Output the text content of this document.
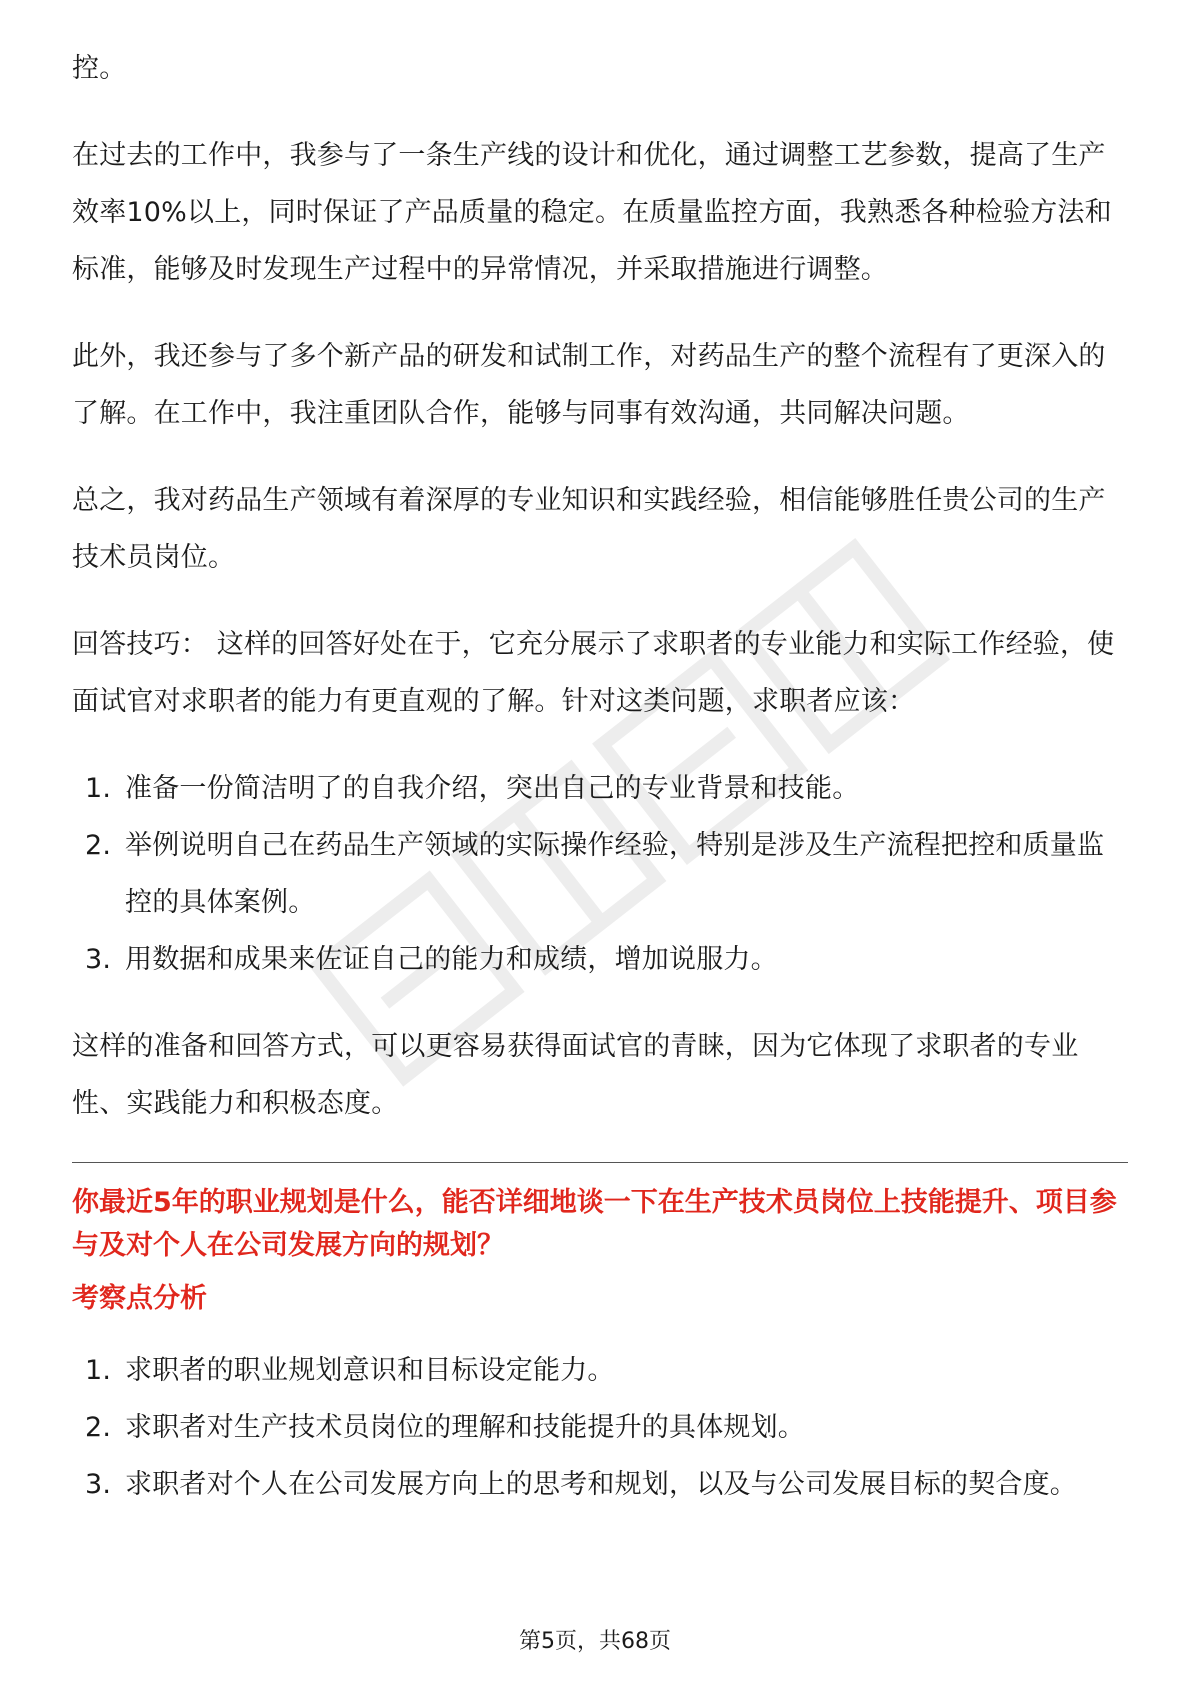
控。

在过去的工作中，我参与了一条生产线的设计和优化，通过调整工艺参数，提高了生产效率10%以上，同时保证了产品质量的稳定。在质量监控方面，我熟悉各种检验方法和标准，能够及时发现生产过程中的异常情况，并采取措施进行调整。

此外，我还参与了多个新产品的研发和试制工作，对药品生产的整个流程有了更深入的了解。在工作中，我注重团队合作，能够与同事有效沟通，共同解决问题。

总之，我对药品生产领域有着深厚的专业知识和实践经验，相信能够胜任贵公司的生产技术员岗位。

回答技巧： 这样的回答好处在于，它充分展示了求职者的专业能力和实际工作经验，使面试官对求职者的能力有更直观的了解。针对这类问题，求职者应该：

1. 准备一份简洁明了的自我介绍，突出自己的专业背景和技能。
2. 举例说明自己在药品生产领域的实际操作经验，特别是涉及生产流程把控和质量监控的具体案例。
3. 用数据和成果来佐证自己的能力和成绩，增加说服力。

这样的准备和回答方式，可以更容易获得面试官的青睐，因为它体现了求职者的专业性、实践能力和积极态度。

你最近5年的职业规划是什么，能否详细地谈一下在生产技术员岗位上技能提升、项目参与及对个人在公司发展方向的规划？
考察点分析
1. 求职者的职业规划意识和目标设定能力。
2. 求职者对生产技术员岗位的理解和技能提升的具体规划。
3. 求职者对个人在公司发展方向上的思考和规划，以及与公司发展目标的契合度。
第5页，共68页
